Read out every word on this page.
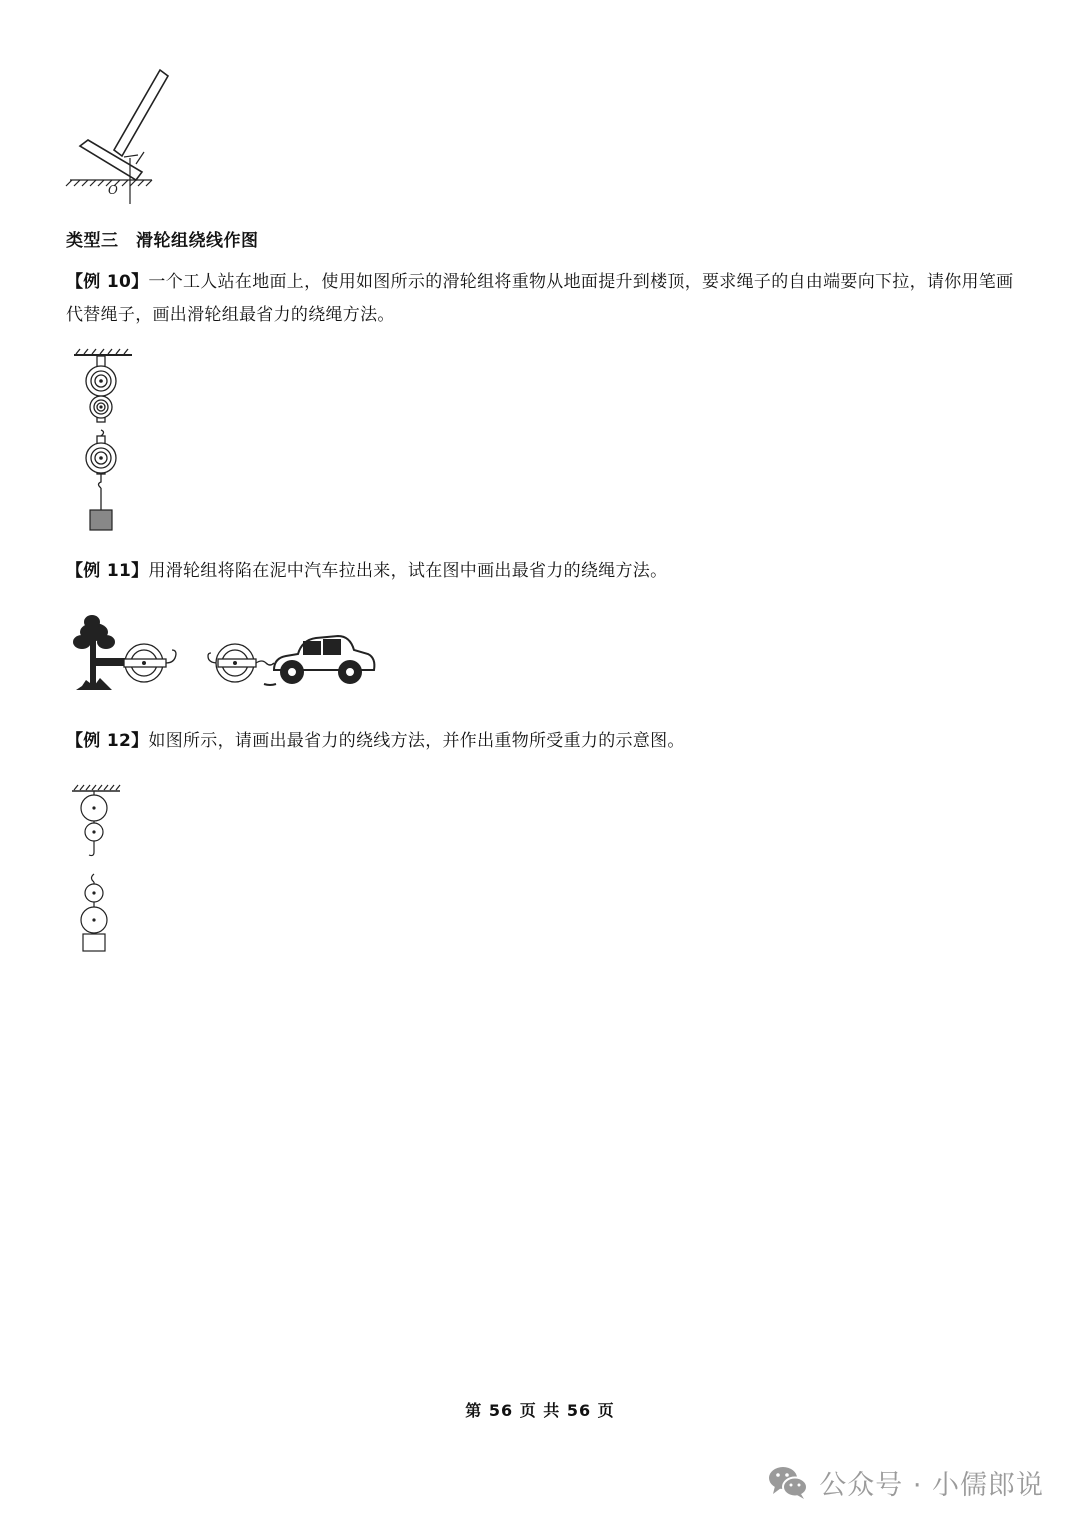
O
类型三　滑轮组绕线作图
【例 10】一个工人站在地面上，使用如图所示的滑轮组将重物从地面提升到楼顶，要求绳子的自由端要向下拉，请你用笔画代替绳子，画出滑轮组最省力的绕绳方法。
【例 11】用滑轮组将陷在泥中汽车拉出来，试在图中画出最省力的绕绳方法。
【例 12】如图所示，请画出最省力的绕线方法，并作出重物所受重力的示意图。
第 56 页 共 56 页
公众号 · 小儒郎说
